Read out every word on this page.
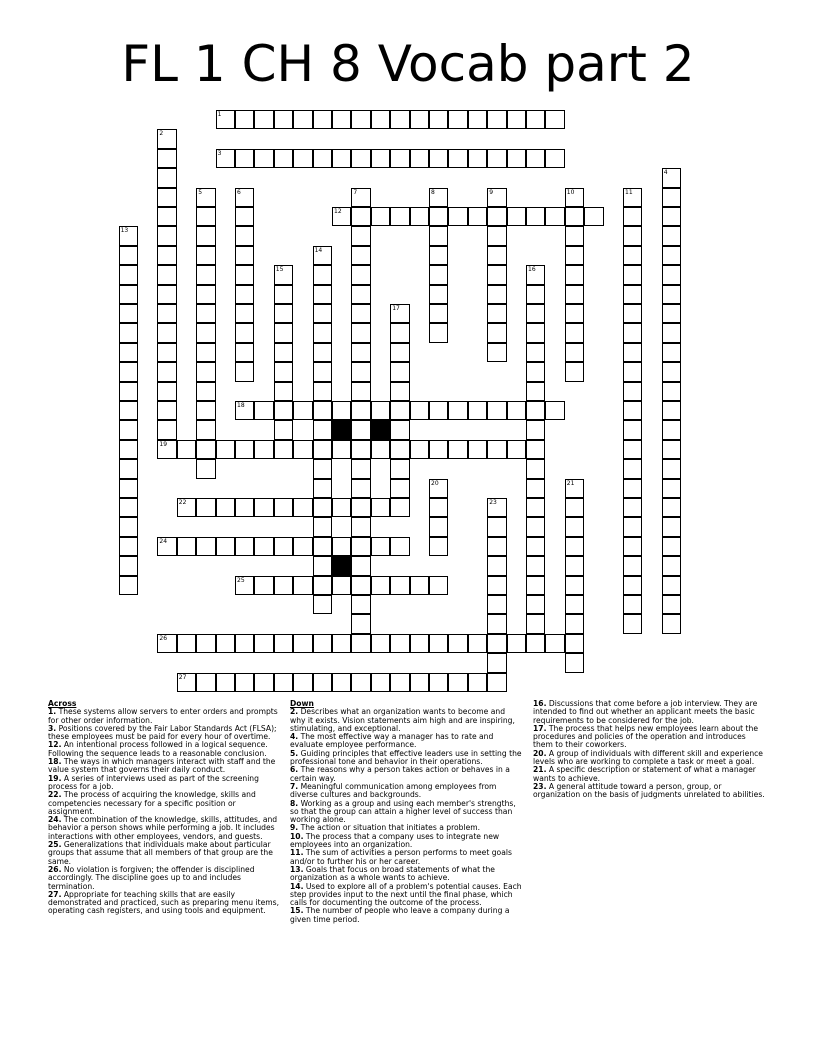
FL 1 CH 8 Vocab part 2
1
3
12
18
19
22
24
25
26
27
2
4
5	6	7	8	9	10	11
13
14
15	16
17
20	21
23
Across
1. These systems allow servers to enter orders and prompts for other order information.
3. Positions covered by the Fair Labor Standards Act (FLSA); these employees must be paid for every hour of overtime.
12. An intentional process followed in a logical sequence. Following the sequence leads to a reasonable conclusion.
18. The ways in which managers interact with staff and the value system that governs their daily conduct.
19. A series of interviews used as part of the screening process for a job.
22. The process of acquiring the knowledge, skills and competencies necessary for a specific position or assignment.
24. The combination of the knowledge, skills, attitudes, and behavior a person shows while performing a job. It includes interactions with other employees, vendors, and guests.
25. Generalizations that individuals make about particular groups that assume that all members of that group are the same.
26. No violation is forgiven; the offender is disciplined accordingly. The discipline goes up to and includes termination.
27. Appropriate for teaching skills that are easily demonstrated and practiced, such as preparing menu items, operating cash registers, and using tools and equipment.
Down
2. Describes what an organization wants to become and why it exists. Vision statements aim high and are inspiring, stimulating, and exceptional.
4. The most effective way a manager has to rate and evaluate employee performance.
5. Guiding principles that effective leaders use in setting the professional tone and behavior in their operations.
6. The reasons why a person takes action or behaves in a certain way.
7. Meaningful communication among employees from diverse cultures and backgrounds.
8. Working as a group and using each member's strengths, so that the group can attain a higher level of success than working alone.
9. The action or situation that initiates a problem.
10. The process that a company uses to integrate new employees into an organization.
11. The sum of activities a person performs to meet goals and/or to further his or her career.
13. Goals that focus on broad statements of what the organization as a whole wants to achieve.
14. Used to explore all of a problem's potential causes. Each step provides input to the next until the final phase, which calls for documenting the outcome of the process.
15. The number of people who leave a company during a given time period.
16. Discussions that come before a job interview. They are intended to find out whether an applicant meets the basic requirements to be considered for the job.
17. The process that helps new employees learn about the procedures and policies of the operation and introduces them to their coworkers.
20. A group of individuals with different skill and experience levels who are working to complete a task or meet a goal.
21. A specific description or statement of what a manager wants to achieve.
23. A general attitude toward a person, group, or organization on the basis of judgments unrelated to abilities.
